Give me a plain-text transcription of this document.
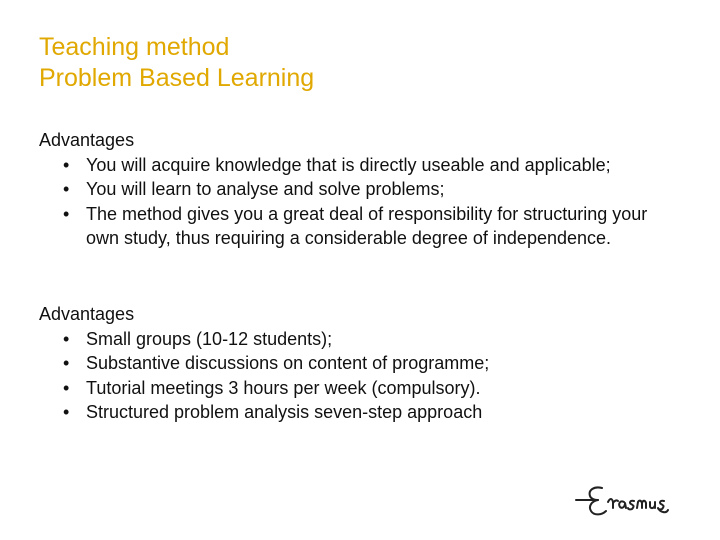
Teaching method
Problem Based Learning
Advantages
• You will acquire knowledge that is directly useable and applicable;
• You will learn to analyse and solve problems;
• The method gives you a great deal of responsibility for structuring your own study, thus requiring a considerable degree of independence.
Advantages
• Small groups (10-12 students);
• Substantive discussions on content of programme;
• Tutorial meetings 3 hours per week (compulsory).
• Structured problem analysis seven-step approach
